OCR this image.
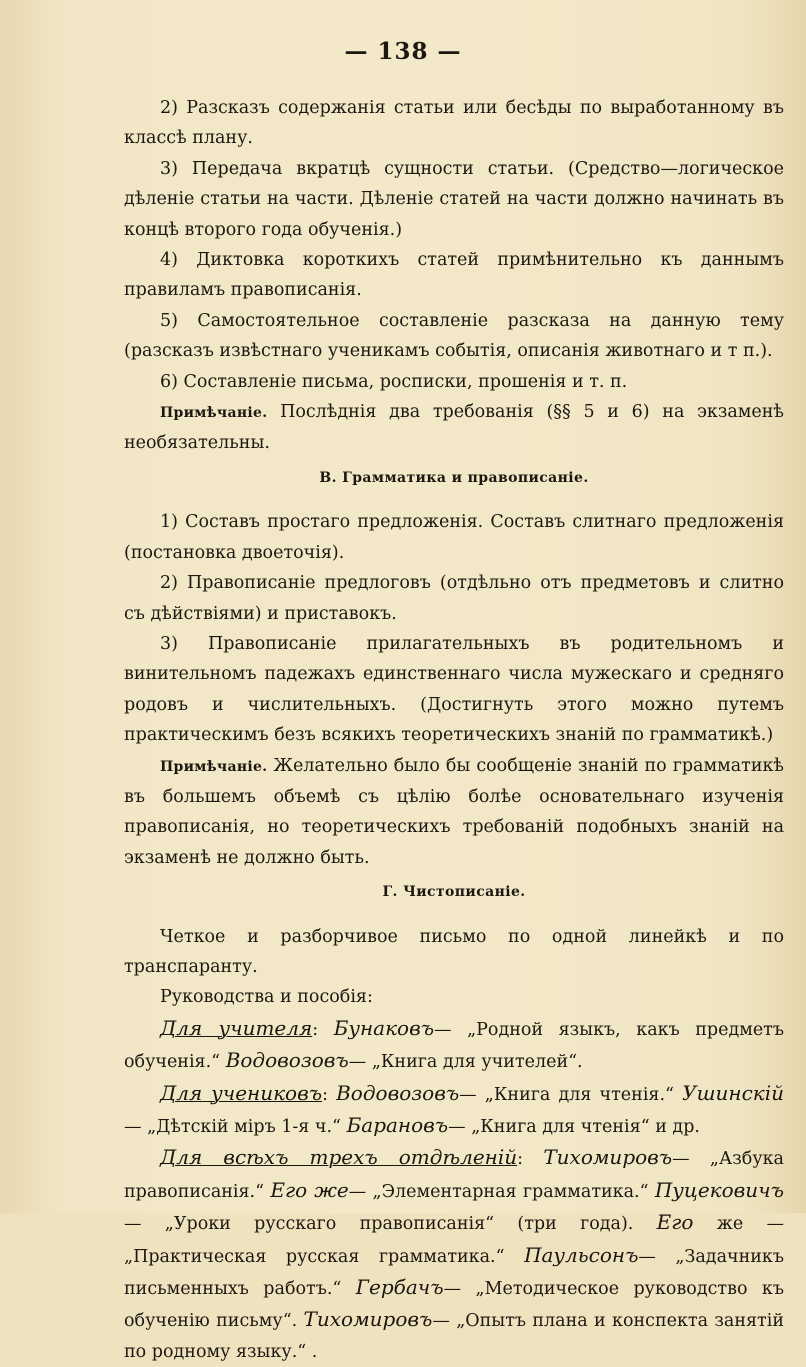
— 138 —

2) Разсказъ содержанія статьи или бесѣды по выработанному въ классѣ плану.

3) Передача вкратцѣ сущности статьи. (Средство—логическое дѣленіе статьи на части. Дѣленіе статей на части должно начинать въ концѣ второго года обученія.)

4) Диктовка короткихъ статей примѣнительно къ даннымъ правиламъ правописанія.

5) Самостоятельное составленіе разсказа на данную тему (разсказъ извѣстнаго ученикамъ событія, описанія животнаго и т п.).

6) Составленіе письма, росписки, прошенія и т. п.

Примѣчаніе. Послѣднія два требованія (§§ 5 и 6) на экзаменѣ необязательны.

В. Грамматика и правописаніе.

1) Составъ простаго предложенія. Составъ слитнаго предложенія (постановка двоеточія).

2) Правописаніе предлоговъ (отдѣльно отъ предметовъ и слитно съ дѣйствіями) и приставокъ.

3) Правописаніе прилагательныхъ въ родительномъ и винительномъ падежахъ единственнаго числа мужескаго и средняго родовъ и числительныхъ. (Достигнуть этого можно путемъ практическимъ безъ всякихъ теоретическихъ знаній по грамматикѣ.)

Примѣчаніе. Желательно было бы сообщеніе знаній по грамматикѣ въ большемъ объемѣ съ цѣлію болѣе основательнаго изученія правописанія, но теоретическихъ требованій подобныхъ знаній на экзаменѣ не должно быть.

Г. Чистописаніе.

Четкое и разборчивое письмо по одной линейкѣ и по транспаранту.

Руководства и пособія:

Для учителя: Бунаковъ— „Родной языкъ, какъ предметъ обученія.“ Водовозовъ— „Книга для учителей“.

Для учениковъ: Водовозовъ— „Книга для чтенія.“ Ушинскій— „Дѣтскій міръ 1-я ч.“ Барановъ— „Книга для чтенія“ и др.

Для всѣхъ трехъ отдѣленій: Тихомировъ— „Азбука правописанія.“ Его же— „Элементарная грамматика.“ Пуцековичъ— „Уроки русскаго правописанія“ (три года). Его же — „Практическая русская грамматика.“ Паульсонъ— „Задачникъ письменныхъ работъ.“ Гербачъ— „Методическое руководство къ обученію письму“. Тихомировъ— „Опытъ плана и конспекта занятій по родному языку.“ .
